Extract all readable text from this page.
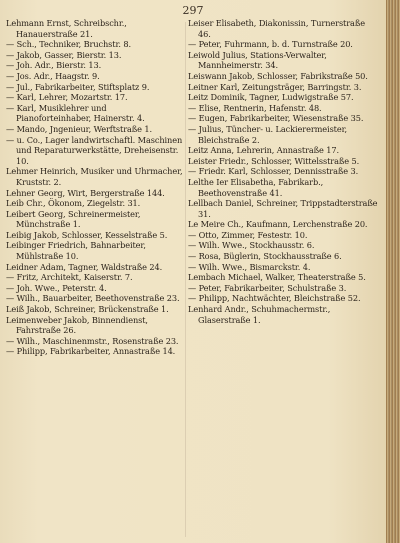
297

Lehmann Ernst, Schreibschr., Hanauerstraße 21.

— Sch., Techniker, Bruchstr. 8.

— Jakob, Gasser, Bierstr. 13.

— Joh. Adr., Bierstr. 13.

— Jos. Adr., Haagstr. 9.

— Jul., Fabrikarbeiter, Stiftsplatz 9.

— Karl, Lehrer, Mozartstr. 17.

— Karl, Musiklehrer und Pianoforteinhaber, Hainerstr. 4.

— Mando, Jngenieur, Werftstraße 1.

— u. Co., Lager landwirtschaftl. Maschinen und Reparaturwerkstätte, Dreheisenstr. 10.

Lehmer Heinrich, Musiker und Uhrmacher, Kruststr. 2.

Lehner Georg, Wirt, Bergerstraße 144.

Leib Chr., Ökonom, Ziegelstr. 31.

Leibert Georg, Schreinermeister, Münchstraße 1.

Leibig Jakob, Schlosser, Kesselstraße 5.

Leibinger Friedrich, Bahnarbeiter, Mühlstraße 10.

Leidner Adam, Tagner, Waldstraße 24.

— Fritz, Architekt, Kaiserstr. 7.

— Joh. Wwe., Peterstr. 4.

— Wilh., Bauarbeiter, Beethovenstraße 23.

Leiß Jakob, Schreiner, Brückenstraße 1.

Leimenweber Jakob, Binnendienst, Fahrstraße 26.

— Wilh., Maschinenmstr., Rosenstraße 23.

— Philipp, Fabrikarbeiter, Annastraße 14.

Leiser Elisabeth, Diakonissin, Turnerstraße 46.

— Peter, Fuhrmann, b. d. Turnstraße 20.

Leiwold Julius, Stations-Verwalter, Mannheimerstr. 34.

Leiswann Jakob, Schlosser, Fabrikstraße 50.

Leitner Karl, Zeitungsträger, Barringstr. 3.

Leitz Dominik, Tagner, Ludwigstraße 57.

— Elise, Rentnerin, Hafenstr. 48.

— Eugen, Fabrikarbeiter, Wiesenstraße 35.

— Julius, Tüncher- u. Lackierermeister, Bleichstraße 2.

Leitz Anna, Lehrerin, Annastraße 17.

Leister Friedr., Schlosser, Wittelsstraße 5.

— Friedr. Karl, Schlosser, Dennisstraße 3.

Lelthe Ier Elisabetha, Fabrikarb., Beethovenstraße 41.

Lellbach Daniel, Schreiner, Trippstadterstraße 31.

Le Meire Ch., Kaufmann, Lerchenstraße 20.

— Otto, Zimmer, Festestr. 10.

— Wilh. Wwe., Stockhausstr. 6.

— Rosa, Büglerin, Stockhausstraße 6.

— Wilh. Wwe., Bismarckstr. 4.

Lembach Michael, Walker, Theaterstraße 5.

— Peter, Fabrikarbeiter, Schulstraße 3.

— Philipp, Nachtwächter, Bleichstraße 52.

Lenhard Andr., Schuhmachermstr., Glaserstraße 1.
